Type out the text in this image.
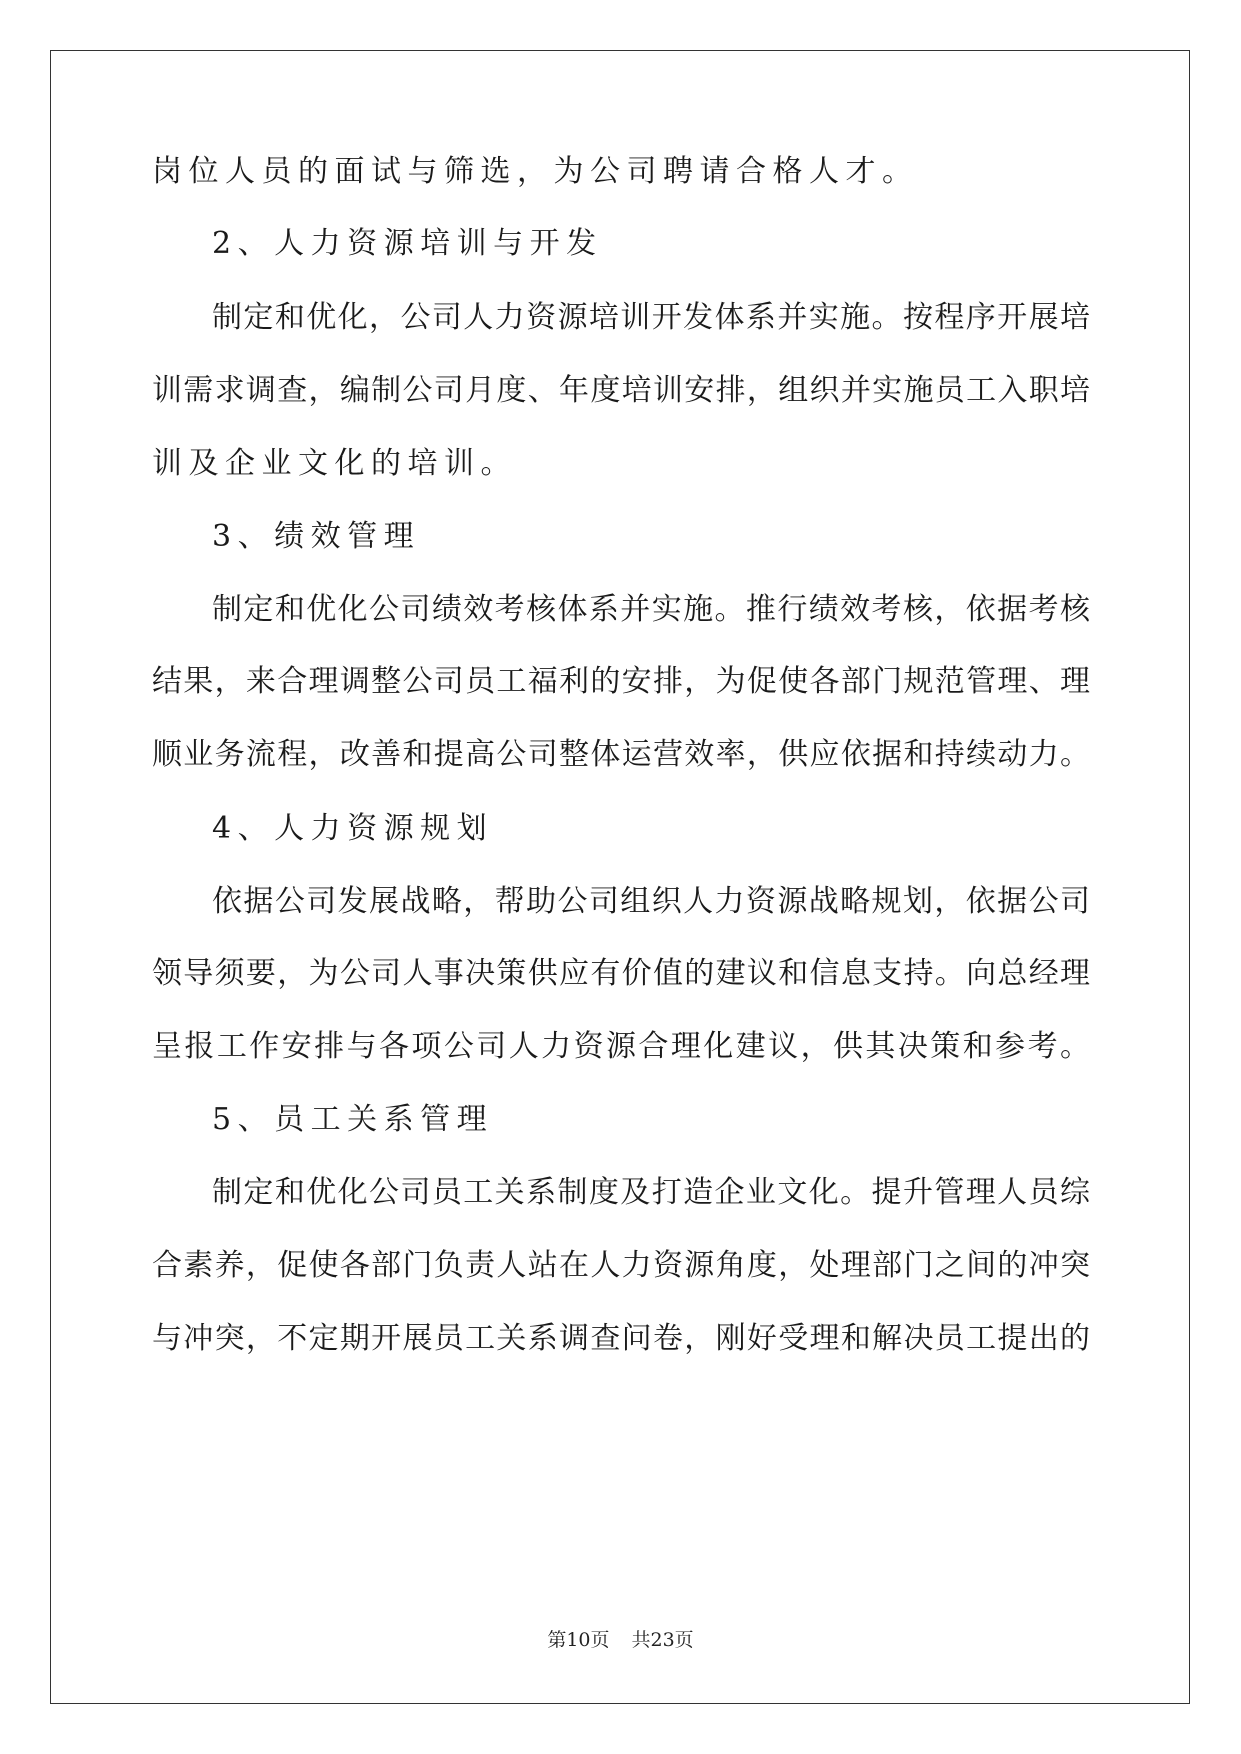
岗位人员的面试与筛选，为公司聘请合格人才。
2、人力资源培训与开发
制定和优化，公司人力资源培训开发体系并实施。按程序开展培
训需求调查，编制公司月度、年度培训安排，组织并实施员工入职培
训及企业文化的培训。
3、绩效管理
制定和优化公司绩效考核体系并实施。推行绩效考核，依据考核
结果，来合理调整公司员工福利的安排，为促使各部门规范管理、理
顺业务流程，改善和提高公司整体运营效率，供应依据和持续动力。
4、人力资源规划
依据公司发展战略，帮助公司组织人力资源战略规划，依据公司
领导须要，为公司人事决策供应有价值的建议和信息支持。向总经理
呈报工作安排与各项公司人力资源合理化建议，供其决策和参考。
5、员工关系管理
制定和优化公司员工关系制度及打造企业文化。提升管理人员综
合素养，促使各部门负责人站在人力资源角度，处理部门之间的冲突
与冲突，不定期开展员工关系调查问卷，刚好受理和解决员工提出的
第10页 共23页
